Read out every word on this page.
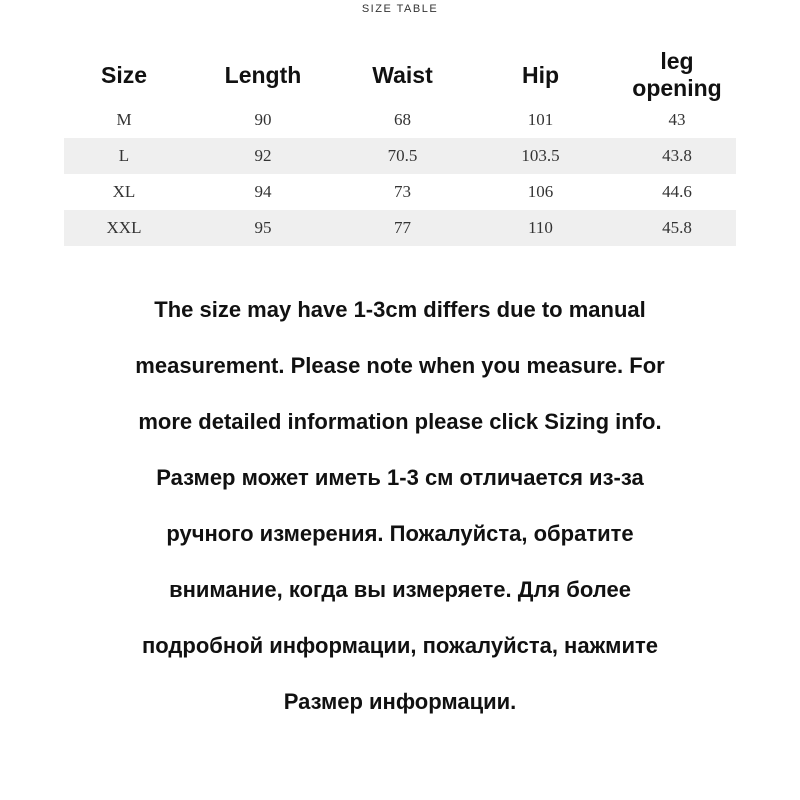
SIZE TABLE
Size	Length	Waist	Hip	leg opening
M	90	68	101	43
L	92	70.5	103.5	43.8
XL	94	73	106	44.6
XXL	95	77	110	45.8
The size may have 1-3cm differs due to manual
measurement. Please note when you measure. For
more detailed information please click Sizing info.
Размер может иметь 1-3 см отличается из-за
ручного измерения. Пожалуйста, обратите
внимание, когда вы измеряете. Для более
подробной информации, пожалуйста, нажмите
Размер информации.
